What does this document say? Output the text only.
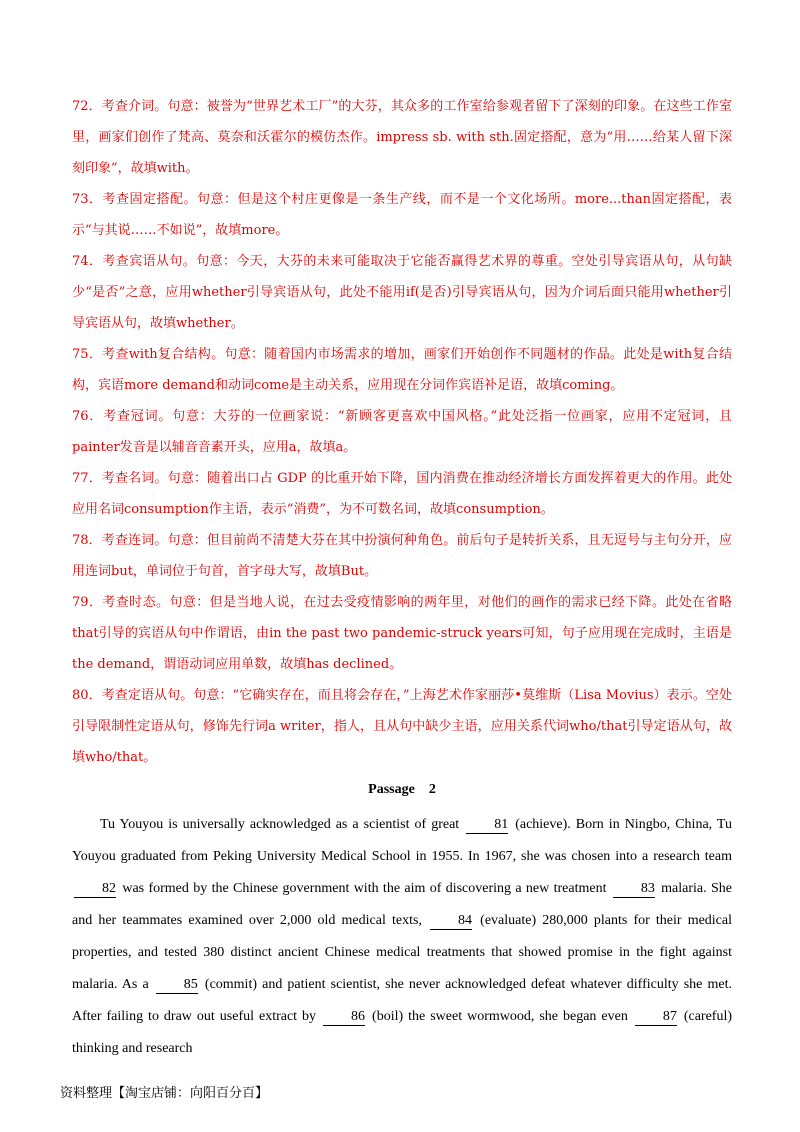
72．考查介词。句意：被誉为“世界艺术工厂”的大芬，其众多的工作室给参观者留下了深刻的印象。在这些工作室里，画家们创作了梵高、莫奈和沃霍尔的模仿杰作。impress sb. with sth.固定搭配，意为“用……给某人留下深刻印象”，故填with。

73．考查固定搭配。句意：但是这个村庄更像是一条生产线，而不是一个文化场所。more...than固定搭配，表示“与其说……不如说”，故填more。

74．考查宾语从句。句意：今天，大芬的未来可能取决于它能否赢得艺术界的尊重。空处引导宾语从句，从句缺少“是否”之意，应用whether引导宾语从句，此处不能用if(是否)引导宾语从句，因为介词后面只能用whether引导宾语从句，故填whether。

75．考查with复合结构。句意：随着国内市场需求的增加，画家们开始创作不同题材的作品。此处是with复合结构，宾语more demand和动词come是主动关系，应用现在分词作宾语补足语，故填coming。

76．考查冠词。句意：大芬的一位画家说：“新顾客更喜欢中国风格。”此处泛指一位画家，应用不定冠词，且painter发音是以辅音音素开头，应用a，故填a。

77．考查名词。句意：随着出口占 GDP 的比重开始下降，国内消费在推动经济增长方面发挥着更大的作用。此处应用名词consumption作主语，表示“消费”，为不可数名词，故填consumption。

78．考查连词。句意：但目前尚不清楚大芬在其中扮演何种角色。前后句子是转折关系，且无逗号与主句分开，应用连词but，单词位于句首，首字母大写，故填But。

79．考查时态。句意：但是当地人说，在过去受疫情影响的两年里，对他们的画作的需求已经下降。此处在省略that引导的宾语从句中作谓语，由in the past two pandemic-struck years可知，句子应用现在完成时，主语是the demand，谓语动词应用单数，故填has declined。

80．考查定语从句。句意：“它确实存在，而且将会存在，”上海艺术作家丽莎•莫维斯（Lisa Movius）表示。空处引导限制性定语从句，修饰先行词a writer，指人，且从句中缺少主语，应用关系代词who/that引导定语从句，故填who/that。

Passage　2

Tu Youyou is universally acknowledged as a scientist of great 81 (achieve). Born in Ningbo, China, Tu Youyou graduated from Peking University Medical School in 1955. In 1967, she was chosen into a research team 82 was formed by the Chinese government with the aim of discovering a new treatment 83 malaria. She and her teammates examined over 2,000 old medical texts, 84 (evaluate) 280,000 plants for their medical properties, and tested 380 distinct ancient Chinese medical treatments that showed promise in the fight against malaria. As a 85 (commit) and patient scientist, she never acknowledged defeat whatever difficulty she met. After failing to draw out useful extract by 86 (boil) the sweet wormwood, she began even 87 (careful) thinking and research

资料整理【淘宝店铺：向阳百分百】
